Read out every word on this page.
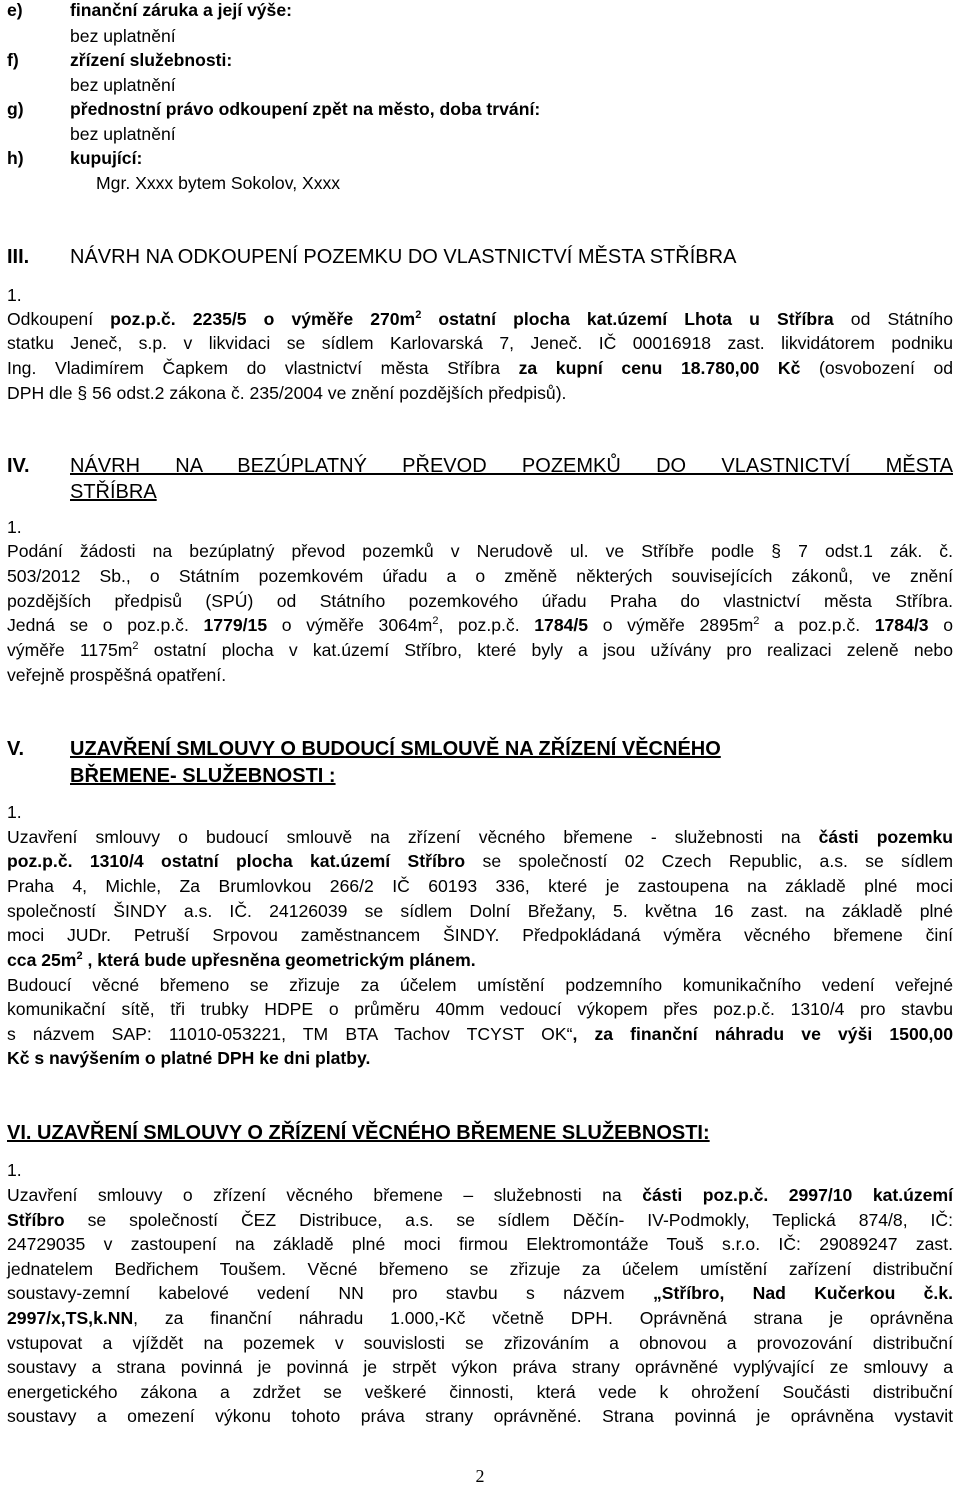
e)	finanční záruka a její výše:
bez uplatnění
f)	zřízení služebnosti:
bez uplatnění
g)	přednostní právo odkoupení zpět na město, doba trvání:
bez uplatnění
h)	kupující:
Mgr. Xxxx bytem Sokolov, Xxxx
III. NÁVRH NA ODKOUPENÍ POZEMKU DO VLASTNICTVÍ MĚSTA STŘÍBRA
1.
Odkoupení poz.p.č. 2235/5 o výměře $270m^2$ ostatní plocha kat.území Lhota u Stříbra od Státního
statku Jeneč, s.p. v likvidaci se sídlem Karlovarská 7, Jeneč. IČ 00016918 zast. likvidátorem podniku
Ing. Vladimírem Čapkem do vlastnictví města Stříbra za kupní cenu 18.780,00 Kč (osvobození od
DPH dle § 56 odst.2 zákona č. 235/2004 ve znění pozdějších předpisů).
IV. NÁVRH NA BEZÚPLATNÝ PŘEVOD POZEMKŮ DO VLASTNICTVÍ MĚSTA
STŘÍBRA
1.
Podání žádosti na bezúplatný převod pozemků v Nerudově ul. ve Stříbře podle § 7 odst.1 zák. č.
503/2012 Sb., o Státním pozemkovém úřadu a o změně některých souvisejících zákonů, ve znění
pozdějších předpisů (SPÚ) od Státního pozemkového úřadu Praha do vlastnictví města Stříbra.
Jedná se o poz.p.č. 1779/15 o výměře $3064m^2$, poz.p.č. 1784/5 o výměře $2895m^2$ a poz.p.č. 1784/3 o
výměře $1175m^2$ ostatní plocha v kat.území Stříbro, které byly a jsou užívány pro realizaci zeleně nebo
veřejně prospěšná opatření.
V. UZAVŘENÍ SMLOUVY O BUDOUCÍ SMLOUVĚ NA ZŘÍZENÍ VĚCNÉHO
BŘEMENE- SLUŽEBNOSTI :
1.
Uzavření smlouvy o budoucí smlouvě na zřízení věcného břemene - služebnosti na části pozemku
poz.p.č. 1310/4 ostatní plocha kat.území Stříbro se společností 02 Czech Republic, a.s. se sídlem
Praha 4, Michle, Za Brumlovkou 266/2 IČ 60193 336, které je zastoupena na základě plné moci
společností ŠINDY a.s. IČ. 24126039 se sídlem Dolní Břežany, 5. května 16 zast. na základě plné
moci JUDr. Petruší Srpovou zaměstnancem ŠINDY. Předpokládaná výměra věcného břemene činí
cca $25m^2$ , která bude upřesněna geometrickým plánem.
Budoucí věcné břemeno se zřizuje za účelem umístění podzemního komunikačního vedení veřejné
komunikační sítě, tři trubky HDPE o průměru 40mm vedoucí výkopem přes poz.p.č. 1310/4 pro stavbu
s názvem SAP: 11010-053221, TM BTA Tachov TCYST OK“, za finanční náhradu ve výši 1500,00
Kč s navýšením o platné DPH ke dni platby.
VI. UZAVŘENÍ SMLOUVY O ZŘÍZENÍ VĚCNÉHO BŘEMENE SLUŽEBNOSTI:
1.
Uzavření smlouvy o zřízení věcného břemene – služebnosti na části poz.p.č. 2997/10 kat.území
Stříbro se společností ČEZ Distribuce, a.s. se sídlem Děčín- IV-Podmokly, Teplická 874/8, IČ:
24729035 v zastoupení na základě plné moci firmou Elektromontáže Touš s.r.o. IČ: 29089247 zast.
jednatelem Bedřichem Toušem. Věcné břemeno se zřizuje za účelem umístění zařízení distribuční
soustavy-zemní kabelové vedení NN pro stavbu s názvem „Stříbro, Nad Kučerkou č.k.
2997/x,TS,k.NN, za finanční náhradu 1.000,-Kč včetně DPH. Oprávněná strana je oprávněna
vstupovat a vjíždět na pozemek v souvislosti se zřizováním a obnovou a provozování distribuční
soustavy a strana povinná je povinná je strpět výkon práva strany oprávněné vyplývající ze smlouvy a
energetického zákona a zdržet se veškeré činnosti, která vede k ohrožení Součásti distribuční
soustavy a omezení výkonu tohoto práva strany oprávněné. Strana povinná je oprávněna vystavit
2
